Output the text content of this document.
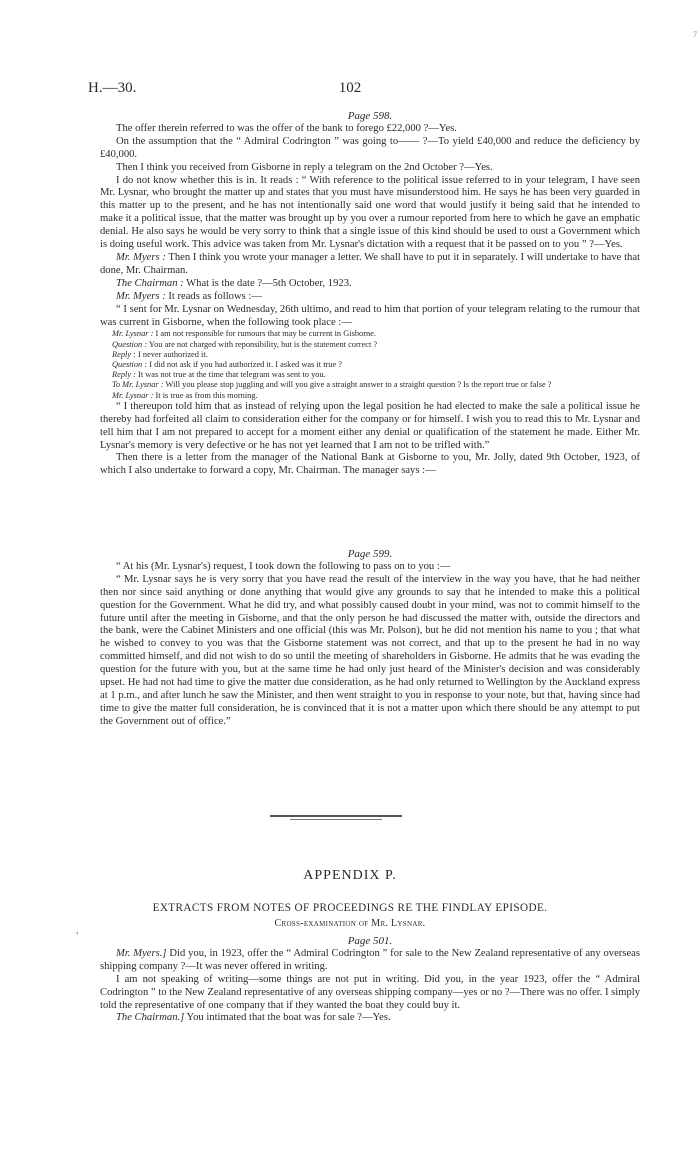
7
102
H.—30.

Page 598.

The offer therein referred to was the offer of the bank to forego £22,000 ?—Yes.

On the assumption that the “ Admiral Codrington ” was going to—— ?—To yield £40,000 and reduce the deficiency by £40,000.

Then I think you received from Gisborne in reply a telegram on the 2nd October ?—Yes.

I do not know whether this is in. It reads : “ With reference to the political issue referred to in your telegram, I have seen Mr. Lysnar, who brought the matter up and states that you must have misunderstood him. He says he has been very guarded in this matter up to the present, and he has not intentionally said one word that would justify it being said that he intended to make it a political issue, that the matter was brought up by you over a rumour reported from here to which he gave an emphatic denial. He also says he would be very sorry to think that a single issue of this kind should be used to oust a Government which is doing useful work. This advice was taken from Mr. Lysnar's dictation with a request that it be passed on to you ” ?—Yes.

Mr. Myers : Then I think you wrote your manager a letter. We shall have to put it in separately. I will undertake to have that done, Mr. Chairman.

The Chairman : What is the date ?—5th October, 1923.

Mr. Myers : It reads as follows :—

“ I sent for Mr. Lysnar on Wednesday, 26th ultimo, and read to him that portion of your telegram relating to the rumour that was current in Gisborne, when the following took place :—

Mr. Lysnar : I am not responsible for rumours that may be current in Gisborne.

Question : You are not charged with reponsibility, but is the statement correct ?

Reply : I never authorized it.

Question : I did not ask if you had authorized it. I asked was it true ?

Reply : It was not true at the time that telegram was sent to you.

To Mr. Lysnar : Will you please stop juggling and will you give a straight answer to a straight question ? Is the report true or false ?

Mr. Lysnar : It is true as from this morning.

“ I thereupon told him that as instead of relying upon the legal position he had elected to make the sale a political issue he thereby had forfeited all claim to consideration either for the company or for himself. I wish you to read this to Mr. Lysnar and tell him that I am not prepared to accept for a moment either any denial or qualification of the statement he made. Either Mr. Lysnar's memory is very defective or he has not yet learned that I am not to be trifled with.”

Then there is a letter from the manager of the National Bank at Gisborne to you, Mr. Jolly, dated 9th October, 1923, of which I also undertake to forward a copy, Mr. Chairman. The manager says :—

Page 599.

“ At his (Mr. Lysnar's) request, I took down the following to pass on to you :—

“ Mr. Lysnar says he is very sorry that you have read the result of the interview in the way you have, that he had neither then nor since said anything or done anything that would give any grounds to say that he intended to make this a political question for the Government. What he did try, and what possibly caused doubt in your mind, was not to commit himself to the future until after the meeting in Gisborne, and that the only person he had discussed the matter with, outside the directors and the bank, were the Cabinet Ministers and one official (this was Mr. Polson), but he did not mention his name to you ; that what he wished to convey to you was that the Gisborne statement was not correct, and that up to the present he had in no way committed himself, and did not wish to do so until the meeting of shareholders in Gisborne. He admits that he was evading the question for the future with you, but at the same time he had only just heard of the Minister's decision and was considerably upset. He had not had time to give the matter due consideration, as he had only returned to Wellington by the Auckland express at 1 p.m., and after lunch he saw the Minister, and then went straight to you in response to your note, but that, having since had time to give the matter full consideration, he is convinced that it is not a matter upon which there should be any attempt to put the Government out of office.”

APPENDIX P.
EXTRACTS FROM NOTES OF PROCEEDINGS RE THE FINDLAY EPISODE.
Cross-examination of Mr. Lysnar.
,

Page 501.

Mr. Myers.] Did you, in 1923, offer the “ Admiral Codrington ” for sale to the New Zealand representative of any overseas shipping company ?—It was never offered in writing.

I am not speaking of writing—some things are not put in writing. Did you, in the year 1923, offer the “ Admiral Codrington ” to the New Zealand representative of any overseas shipping company—yes or no ?—There was no offer. I simply told the representative of one company that if they wanted the boat they could buy it.

The Chairman.] You intimated that the boat was for sale ?—Yes.
